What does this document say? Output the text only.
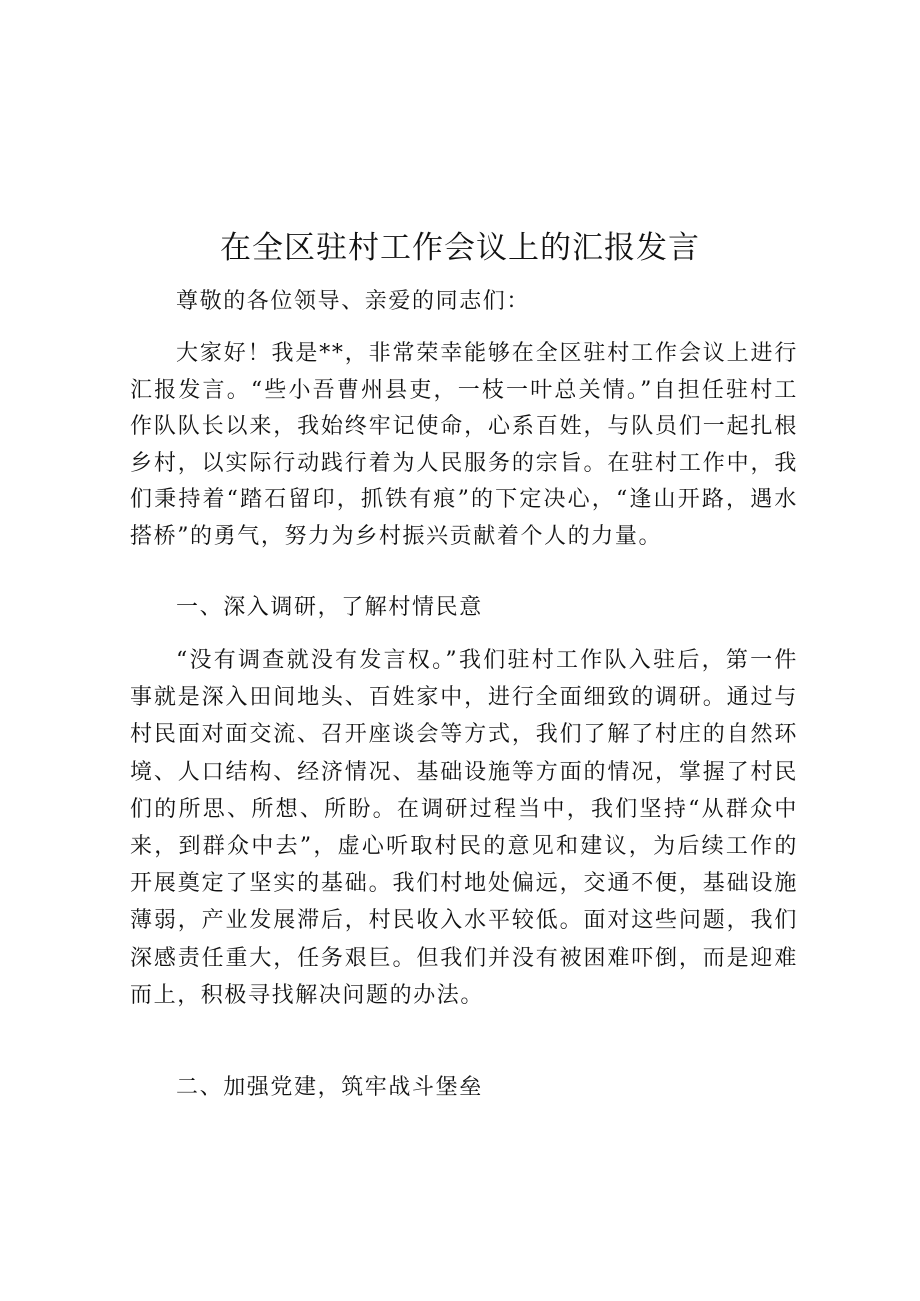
在全区驻村工作会议上的汇报发言

尊敬的各位领导、亲爱的同志们：

大家好！我是**，非常荣幸能够在全区驻村工作会议上进行汇报发言。“些小吾曹州县吏，一枝一叶总关情。”自担任驻村工作队队长以来，我始终牢记使命，心系百姓，与队员们一起扎根乡村，以实际行动践行着为人民服务的宗旨。在驻村工作中，我们秉持着“踏石留印，抓铁有痕”的下定决心，“逢山开路，遇水搭桥”的勇气，努力为乡村振兴贡献着个人的力量。

一、深入调研，了解村情民意

“没有调查就没有发言权。”我们驻村工作队入驻后，第一件事就是深入田间地头、百姓家中，进行全面细致的调研。通过与村民面对面交流、召开座谈会等方式，我们了解了村庄的自然环境、人口结构、经济情况、基础设施等方面的情况，掌握了村民们的所思、所想、所盼。在调研过程当中，我们坚持“从群众中来，到群众中去”，虚心听取村民的意见和建议，为后续工作的开展奠定了坚实的基础。我们村地处偏远，交通不便，基础设施薄弱，产业发展滞后，村民收入水平较低。面对这些问题，我们深感责任重大，任务艰巨。但我们并没有被困难吓倒，而是迎难而上，积极寻找解决问题的办法。

二、加强党建，筑牢战斗堡垒
